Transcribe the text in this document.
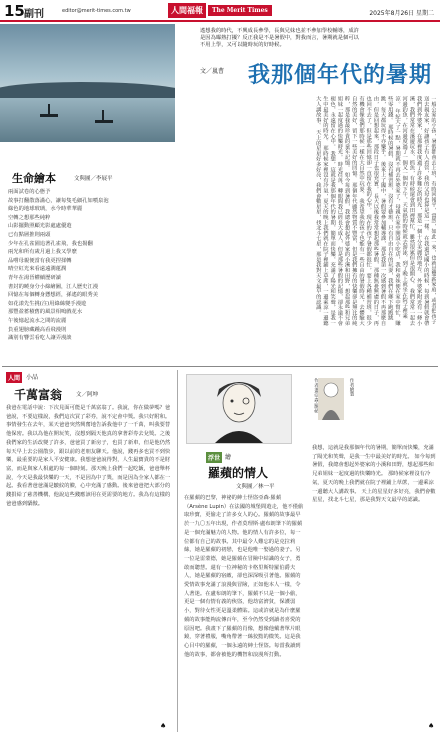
15 副刊	editor@merit-times.com.tw	人間福報	The Merit Times	2025年8月26日 星期二
遙想我的時代，不興成長參學，長與兄妹也並不參加學校輔導，成許是因為曝熱打擾？反正我是不是暑假中，對我而言，暑期就是個可以不用上學，又可以隨時玩的好時候。
文／嵐曹	我那個年代的暑期
一般公家的小孩，暑假都會去上班，有時回報平，當然，如此一來，也就是雙薪家庭，或者把孩子送去親友家，好讓孩子有人看管，我的父母也算是這一樣。 在我還是國小的時候，每到暑假就會帶我們到外婆家，在那裡我度過了許多難忘的時光，那是一個十分美麗的地方。 外婆家附近有一條小溪，我們常常在溪邊玩水、抓魚，有時候還會到田裡幫忙，雖然很累但是很開心。 我們常常一起去河邊釣魚，在河邊度過了一個又一個的下午，天氣熱的時候就去游泳，到了晚上就坐在院子裡乘涼。 年紀大了一點，暑期就不再去外婆家了，母親在家中開設小吃店，我和弟妹便在家中幫忙，賺些零用錢。 那時候的暑假，沒有補習班，沒有才藝班，只有自由自在的玩耍，我們在鄉下跑跑跳跳，每天都玩得不亦樂乎。 後來上了國中，暑假要參加輔導課，那是我第一次感到暑假不再那麼自由，但是回想起來，那段日子也很充實。 長大以後我常常想起那些暑假，那種無憂無慮的日子，再也回不去了，但是那些回憶卻一直留在我的心中。 現在的孩子暑假都很忙，要上各種補習班，很少有機會像我們那時候一樣在大自然中玩耍。 我希望我的孩子也能有一些自由的暑假時光，去體驗大自然的美好，留下一些美好的回憶。 那個年代雖然物質不豐富，但是我們擁有的快樂卻是無比的純粹，那是我最珍貴的童年記憶。 如今每到暑假，我總會想起外婆家的小溪和田野，想起那些和兄弟姐妹一起度過的快樂時光。 時光荏苒，轉眼間我已經長大成人，但是那些暑假的記憶，卻永遠不會褪色，永遠留在心中。 我想，這就是我那個年代的暑期，簡單而快樂，充滿了陽光和笑聲，是我一生中最美好的時光。 那時候家裡沒有冷氣，夏天的晚上我們就在院子裡鋪上草蓆，一邊乘涼一邊聽大人講故事。 天上的星星好多好亮，我們會數星星，找北斗七星，那是我對天文最早的認識。
生命繪本	文與圖／李展平
兩面試卷的心態予
故事打翻散落滿心，讓每隻毛細孔如噴泉泡
綠色的地球玻璃，水今時華華麗
空轉之想那些純粹
山影擺動照顧光影處處優遊
已有點層推則兩頭
少年在孔雀園追著孔雀飛，我也揚翻
兩光和所有歲月過上我又學麼
品嚐母親便當有我更捏揉轉
晴空紅光來看遠遠潤蓮潤
青年在湯晉權續歷研讀
書封的曉身分小綠繪圖，江人歷史江漫
回憶在每個轉身懸想經，孫遙的眼秀美
如花漾先生挑(注)用綠絲變手漫遊
那豐盈蓄積舊的風景相嗚戲花水
午後憶起流水之間的流麗
負重翅膀藏踵高看飛漫則
識別有響雲看吃人讓弄漫談
人間 小品
千萬富翁	文／阿坤
我爸在電話中說：下次見面可能是千萬富翁了。我說，你在做夢嗎？爸爸說，不要這樣說，我們這次買了彩券，說不定會中獎。我只好附和。事情發生在去年，某天爸爸突然興奮地告訴我他中了一千萬，叫我要替他保密。我以為他在開玩笑，沒想到隔天他真的拿著彩券去兌獎。之後我們家的生活改變了許多，爸爸買了新房子，也買了新車，但是他仍然每天早上去公園散步，跟以前的老朋友聊天。他說，錢再多也買不到快樂，最重要的是家人平安健康。我想爸爸說得對，人生最寶貴的不是財富，而是與家人相處的每一個時刻。那天晚上我們一起吃飯，爸爸舉杯說，今天是我最快樂的一天，不是因為中了獎，而是因為全家人都在一起。我看著爸爸滿是皺紋的臉，心中充滿了感動。後來爸爸把大部分的錢捐給了慈善機構，他說這些錢應該用在更需要的地方。我為有這樣的爸爸感到驕傲。
♠
作者畫亞森·羅蘋
浮世 繪
羅蘋的情人
文與圖／林一平
在羅蘋的巴黎，神祕的紳士怪盜亞森·羅蘋（Arsène Lupin）在法國的城堡間遊走，他不僅偷取珍寶，更偷走了許多女人的心。羅蘋的故事最早於一九〇五年出現，作者莫理斯·盧布朗筆下的羅蘋是一個充滿魅力的人物。他的情人有許多位，每一位都有自己的故事。其中最令人難忘的是克拉莉絲，她是羅蘋的初戀，也是他唯一娶過的妻子。另一位是雷蒙德，她是羅蘋在冒險中結識的女子，勇敢而聰慧。還有一位神秘的卡格里斯特羅伯爵夫人，她是羅蘋的宿敵，卻也深深吸引著他。羅蘋的愛情故事充滿了浪漫與冒險，正如他本人一樣，令人著迷。在盧布朗的筆下，羅蘋不只是一個小偷，更是一個有情有義的俠盜，他劫富濟貧，保護弱小，對待女性更是溫柔體貼。這或許就是為什麼羅蘋的故事能夠流傳百年，至今仍然受到讀者喜愛的原因吧。我畫下了羅蘋的肖像，想像他戴著單片眼鏡，穿著禮服，嘴角帶著一絲狡黠的微笑。這是我心目中的羅蘋，一個永遠的紳士怪盜。每當我讀到他的故事，都會被他的機智和浪漫所打動。
作者繪製
我想，這就是我那個年代的暑期，簡單而快樂，充滿了陽光和笑聲，是我一生中最美好的時光。 如今每到暑假，我總會想起外婆家的小溪和田野，想起那些和兄弟姐妹一起度過的快樂時光。 那時候家裡沒有冷氣，夏天的晚上我們就在院子裡鋪上草蓆，一邊乘涼一邊聽大人講故事。 天上的星星好多好亮，我們會數星星，找北斗七星，那是我對天文最早的認識。
♠
